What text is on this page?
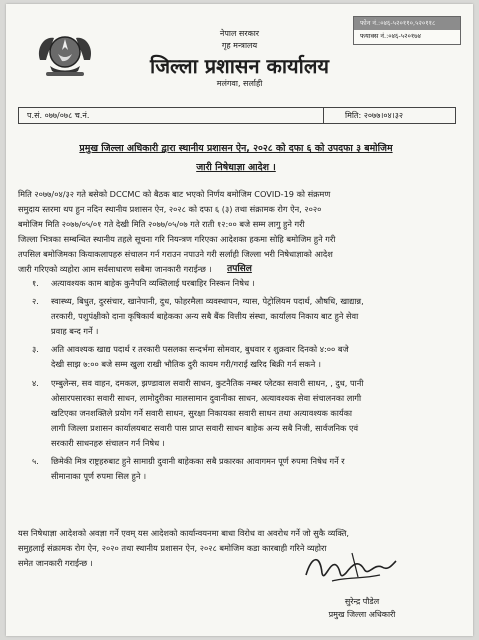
नेपाल सरकार
गृह मन्त्रालय
जिल्ला प्रशासन कार्यालय
मलंगवा, सर्लाही
फोन नं.:०४६-५२०११०,५२०११८
फयाक्स नं.:०४६-५२०१७४
प.सं. ०७७/०७८ च.नं.	मिति: २०७७।०४।३२
प्रमुख जिल्ला अधिकारी द्वारा स्थानीय प्रशासन ऐन, २०२८ को दफा ६ को उपदफा ३ बमोजिम
जारी निषेधाज्ञा आदेश ।
मिति २०७७/०४/३२ गते बसेको DCCMC को बैठक बाट भएको निर्णय बमोजिम COVID-19 को संक्रमण
समुदाय स्तरमा थप हुन नदिन स्थानीय प्रशासन ऐन, २०२८ को दफा ६ (३) तथा संक्रामक रोग ऐन, २०२०
बमोजिम मिति २०७७/०५/०१ गते देखी मिति २०७७/०५/०७ गते राती १२:०० बजे सम्म लागु हुने गरी
जिल्ला भित्रका सम्बन्धित स्थानीय तहले सूचना गरि नियन्त्रण गरिएका आदेशका हकमा सोहि बमोजिम हुने गरी
तपसिल बमोजिमका कियाकलापहरु संचालन गर्न गराउन नपाउने गरी सर्लाही जिल्ला भरी निषेधाज्ञाको आदेश
जारी गरिएको व्यहोरा आम सर्वसाधारण सबैमा जानकारी गराईन्छ ।	तपसिल
१. अत्यावश्यक काम बाहेक कुनैपनि व्यक्तिलाई घरबाहिर निस्कन निषेध ।
२. स्वास्थ्य, बिधुत, दुरसंचार, खानेपानी, दुध, फोहरमैला व्यवस्थापन, ग्यास, पेट्रोलियम पदार्थ, औषधि, खाद्यान्न,
तरकारी, पशुपंक्षीको दाना कृषिकार्य बाहेकका अन्य सबै बैंक वित्तीय संस्था, कार्यालय निकाय बाट हुने सेवा
प्रवाह बन्द गर्ने ।
३. अति आवश्यक खाद्य पदार्थ र तरकारी पसलका सन्दर्भमा सोमवार, बुधवार र शुक्रवार दिनको ४:०० बजे
देखी साझ ७:०० बजे सम्म खुला राखी भौतिक दुरी कायम गरी/गराई खरिद बिक्री गर्न सकने ।
४. एम्बुलेन्स, सव वाहन, दमकल, झण्डावाल सवारी साधन, कुटनैतिक नम्बर प्लेटका सवारी साधन, , दुध, पानी
ओसारपसारका सवारी साधन, लामोदुरीका मालसामान दुवानीका साधन, अत्यावश्यक सेवा संचालनका लागी
खटिएका जनशक्तिले प्रयोग गर्ने सवारी साधन, सुरक्षा निकायका सवारी साधन तथा अत्यावश्यक कार्यका
लागी जिल्ला प्रशासन कार्यालयबाट सवारी पास प्राप्त सवारी साधन बाहेक अन्य सबै निजी, सार्वजनिक एवं
सरकारी साधनहरु संचालन गर्न निषेध ।
५. छिमेकी मित्र राष्ट्रहरुबाट हुने सामाग्री दुवानी बाहेकका सबै प्रकारका आवागमन पूर्ण रुपमा निषेध गर्ने र
सीमानाका पूर्ण रुपमा सिल हुने ।
यस निषेधाज्ञा आदेशको अवज्ञा गर्ने एवम् यस आदेशको कार्यान्वयनमा बाधा विरोध वा अवरोध गर्ने जो सुकै व्यक्ति,
समुहलाई संक्रामक रोग ऐन, २०२० तथा स्थानीय प्रशासन ऐन, २०२८ बमोजिम कडा कारबाही गरिने व्यहोरा
समेत जानकारी गराईन्छ ।
सुरेन्द्र पौडेल
प्रमुख जिल्ला अधिकारी
